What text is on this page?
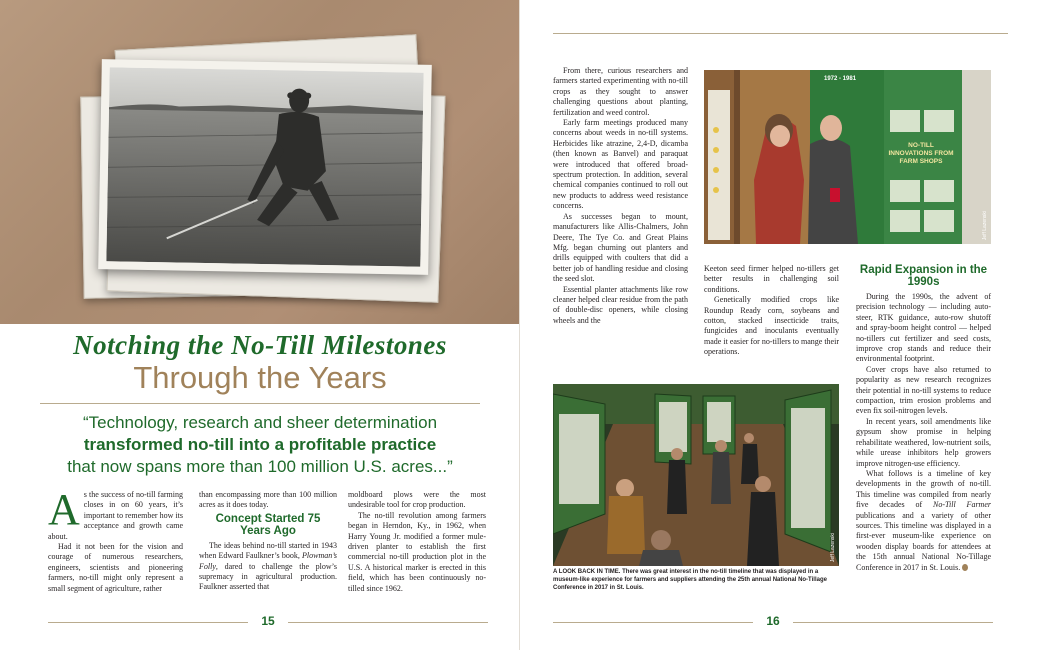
Notching the No-Till Milestones
Through the Years
“Technology, research and sheer determination
transformed no-till into a profitable practice
that now spans more than 100 million U.S. acres...”

As the success of no-till farming closes in on 60 years, it’s important to remember how its acceptance and growth came about.

Had it not been for the vision and courage of numerous researchers, engineers, scientists and pioneering farmers, no-till might only represent a small segment of agriculture, rather

than encompassing more than 100 million acres as it does today.

Concept Started 75 Years Ago

The ideas behind no-till started in 1943 when Edward Faulkner’s book, Plowman’s Folly, dared to challenge the plow’s supremacy in agricultural production. Faulkner asserted that

moldboard plows were the most undesirable tool for crop production.

The no-till revolution among farmers began in Herndon, Ky., in 1962, when Harry Young Jr. modified a former mule-driven planter to establish the first commercial no-till production plot in the U.S. A historical marker is erected in this field, which has been continuously no-tilled since 1962.

15

From there, curious researchers and farmers started experimenting with no-till crops as they sought to answer challenging questions about planting, fertilization and weed control.

Early farm meetings produced many concerns about weeds in no-till systems. Herbicides like atrazine, 2,4-D, dicamba (then known as Banvel) and paraquat were introduced that offered broad-spectrum protection. In addition, several chemical companies continued to roll out new products to address weed resistance concerns.

As successes began to mount, manufacturers like Allis-Chalmers, John Deere, The Tye Co. and Great Plains Mfg. began churning out planters and drills equipped with coulters that did a better job of handling residue and closing the seed slot.

Essential planter attachments like row cleaner helped clear residue from the path of double-disc openers, while closing wheels and the

1972 - 1981
NO-TILL INNOVATIONS FROM FARM SHOPS
Jeff Lazenski

Keeton seed firmer helped no-tillers get better results in challenging soil conditions.

Genetically modified crops like Roundup Ready corn, soybeans and cotton, stacked insecticide traits, fungicides and inoculants eventually made it easier for no-tillers to mange their operations.

Rapid Expansion in the 1990s

During the 1990s, the advent of precision technology — including auto-steer, RTK guidance, auto-row shutoff and spray-boom height control — helped no-tillers cut fertilizer and seed costs, improve crop stands and reduce their environmental footprint.

Cover crops have also returned to popularity as new research recognizes their potential in no-till systems to reduce compaction, trim erosion problems and even fix soil-nitrogen levels.

In recent years, soil amendments like gypsum show promise in helping rehabilitate weathered, low-nutrient soils, while urease inhibitors help growers improve nitrogen-use efficiency.

What follows is a timeline of key developments in the growth of no-till. This timeline was compiled from nearly five decades of No-Till Farmer publications and a variety of other sources. This timeline was displayed in a first-ever museum-like experience on wooden display boards for attendees at the 15th annual National No-Tillage Conference in 2017 in St. Louis.

Jeff Lazenski
A LOOK BACK IN TIME. There was great interest in the no-till timeline that was displayed in a museum-like experience for farmers and suppliers attending the 25th annual National No-Tillage Conference in 2017 in St. Louis.
16
